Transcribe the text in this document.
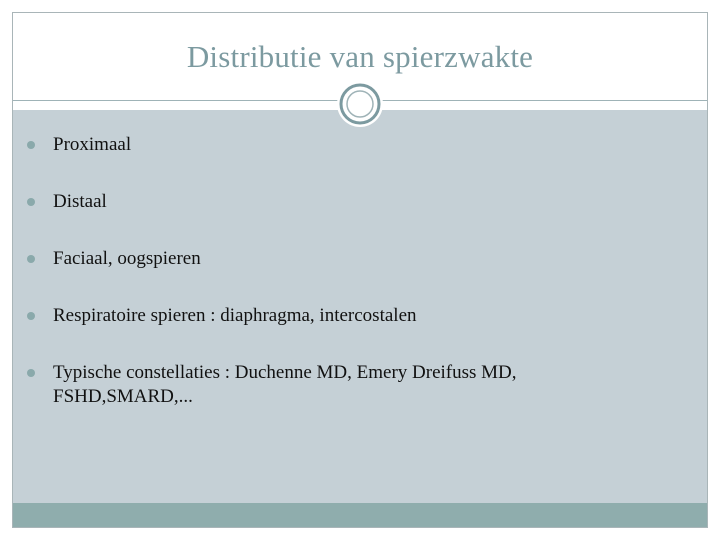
Distributie van spierzwakte
Proximaal
Distaal
Faciaal, oogspieren
Respiratoire spieren : diaphragma, intercostalen
Typische constellaties : Duchenne MD, Emery Dreifuss MD, FSHD,SMARD,...
